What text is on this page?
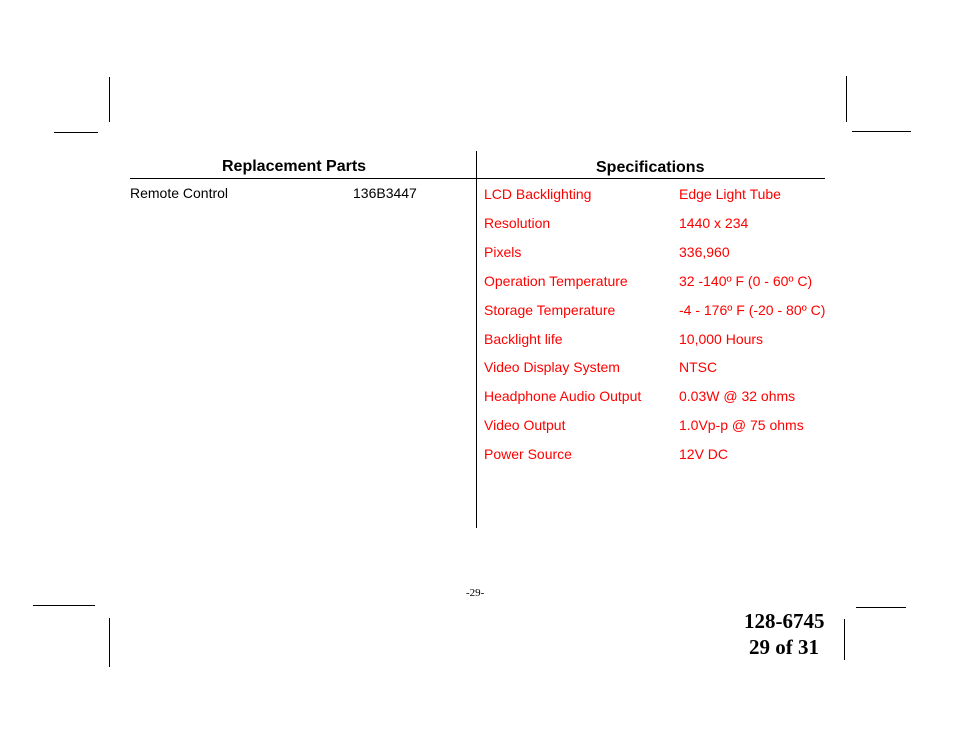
Replacement Parts
Remote Control	136B3447
Specifications
LCD Backlighting	Edge Light Tube
Resolution	1440 x 234
Pixels	336,960
Operation Temperature	32 -140º F (0 - 60º C)
Storage Temperature	-4 - 176º F (-20 - 80º C)
Backlight life	10,000 Hours
Video Display System	NTSC
Headphone Audio Output	0.03W @ 32 ohms
Video Output	1.0Vp-p @ 75 ohms
Power Source	12V DC
-29-
128-6745
29 of 31
